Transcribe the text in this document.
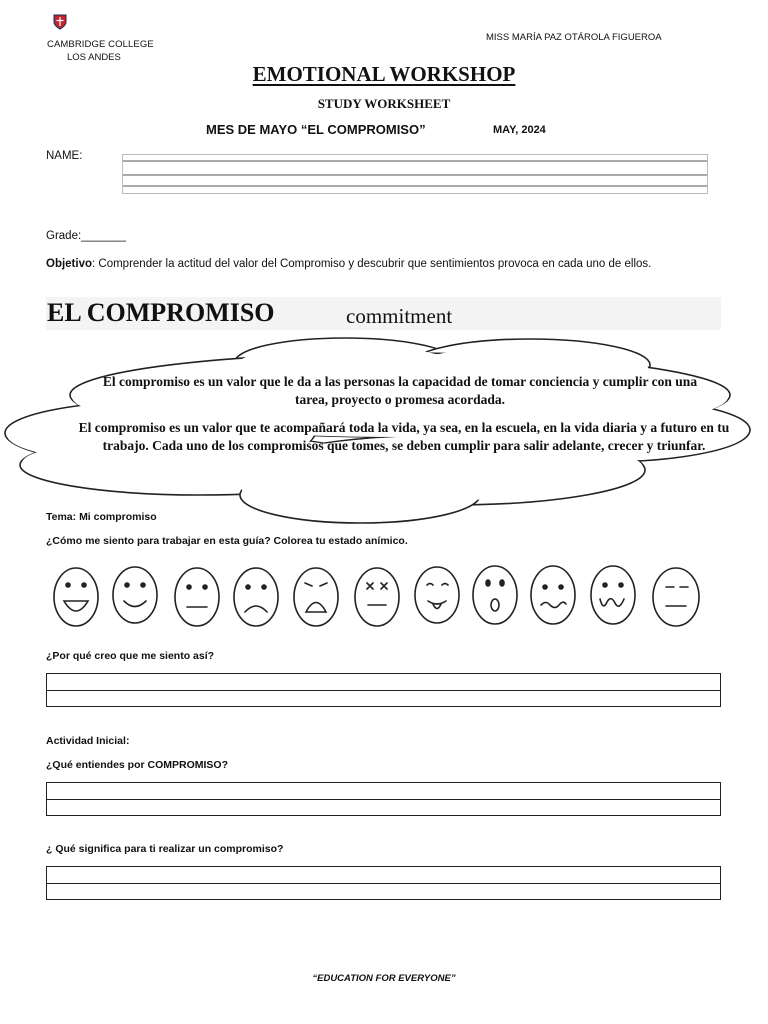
CAMBRIDGE COLLEGE
LOS ANDES
MISS MARÍA PAZ OTÁROLA FIGUEROA
EMOTIONAL WORKSHOP
STUDY WORKSHEET
MES DE MAYO “EL COMPROMISO”	MAY, 2024
NAME:
Grade:_______
Objetivo: Comprender la actitud del valor del Compromiso y descubrir que sentimientos provoca en cada uno de ellos.
EL COMPROMISO	commitment
El compromiso es un valor que le da a las personas la capacidad de tomar conciencia y cumplir con una tarea, proyecto o promesa acordada.
El compromiso es un valor que te acompañará toda la vida, ya sea, en la escuela, en la vida diaria y a futuro en tu trabajo. Cada uno de los compromisos que tomes, se deben cumplir para salir adelante, crecer y triunfar.
Tema: Mi compromiso
¿Cómo me siento para trabajar en esta guía? Colorea tu estado anímico.
¿Por qué creo que me siento así?
Actividad Inicial:
¿Qué entiendes por COMPROMISO?
¿ Qué significa para ti realizar un compromiso?
“EDUCATION FOR EVERYONE”
